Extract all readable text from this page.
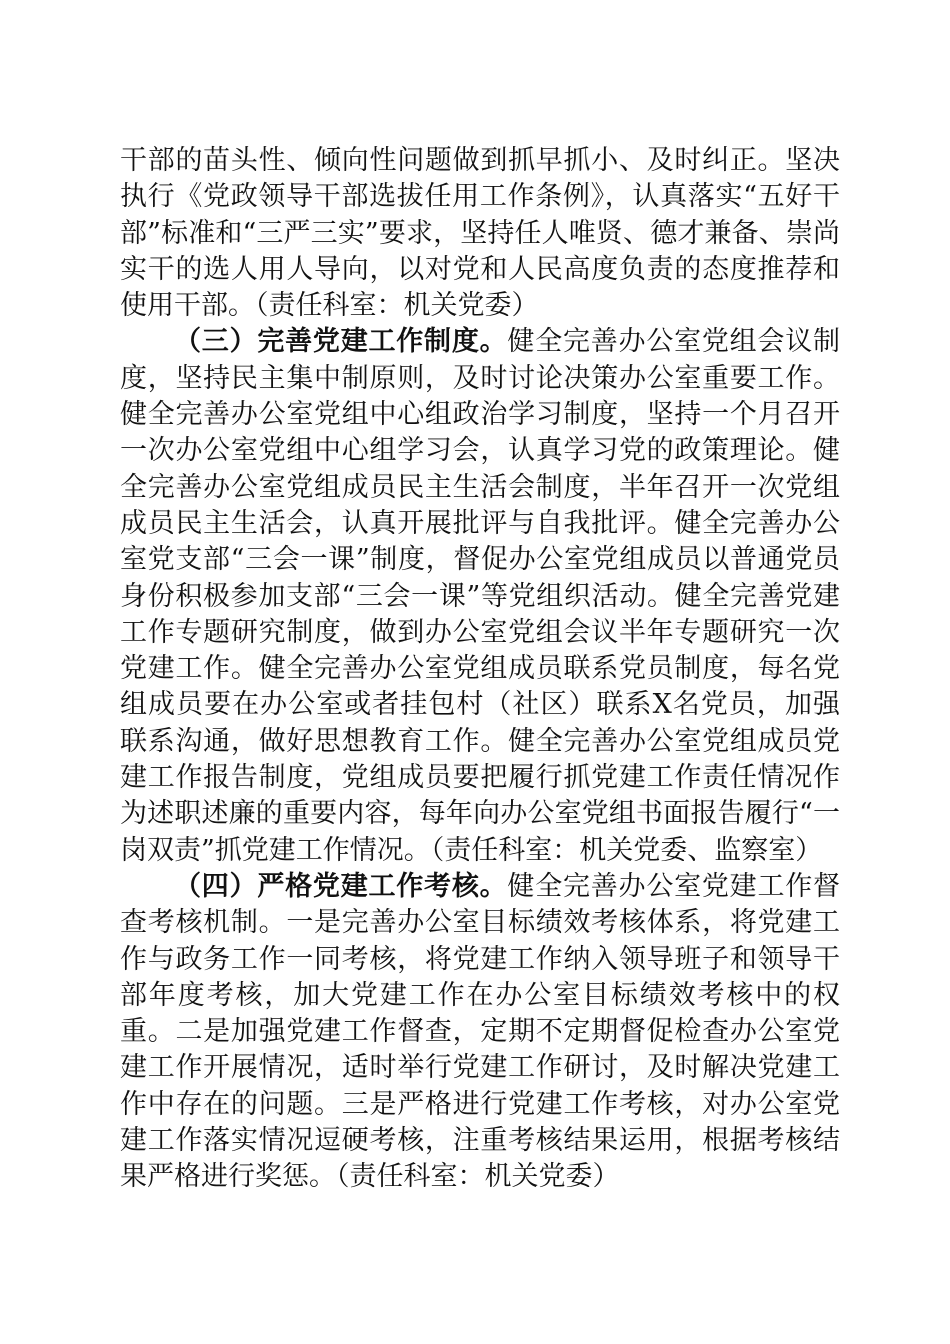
干部的苗头性、倾向性问题做到抓早抓小、及时纠正。坚决执行《党政领导干部选拔任用工作条例》，认真落实“五好干部”标准和“三严三实”要求，坚持任人唯贤、德才兼备、崇尚实干的选人用人导向，以对党和人民高度负责的态度推荐和使用干部。（责任科室：机关党委）

（三）完善党建工作制度。健全完善办公室党组会议制度，坚持民主集中制原则，及时讨论决策办公室重要工作。健全完善办公室党组中心组政治学习制度，坚持一个月召开一次办公室党组中心组学习会，认真学习党的政策理论。健全完善办公室党组成员民主生活会制度，半年召开一次党组成员民主生活会，认真开展批评与自我批评。健全完善办公室党支部“三会一课”制度，督促办公室党组成员以普通党员身份积极参加支部“三会一课”等党组织活动。健全完善党建工作专题研究制度，做到办公室党组会议半年专题研究一次党建工作。健全完善办公室党组成员联系党员制度，每名党组成员要在办公室或者挂包村（社区）联系X名党员，加强联系沟通，做好思想教育工作。健全完善办公室党组成员党建工作报告制度，党组成员要把履行抓党建工作责任情况作为述职述廉的重要内容，每年向办公室党组书面报告履行“一岗双责”抓党建工作情况。（责任科室：机关党委、监察室）

（四）严格党建工作考核。健全完善办公室党建工作督查考核机制。一是完善办公室目标绩效考核体系，将党建工作与政务工作一同考核，将党建工作纳入领导班子和领导干部年度考核，加大党建工作在办公室目标绩效考核中的权重。二是加强党建工作督查，定期不定期督促检查办公室党建工作开展情况，适时举行党建工作研讨，及时解决党建工作中存在的问题。三是严格进行党建工作考核，对办公室党建工作落实情况逗硬考核，注重考核结果运用，根据考核结果严格进行奖惩。（责任科室：机关党委）
